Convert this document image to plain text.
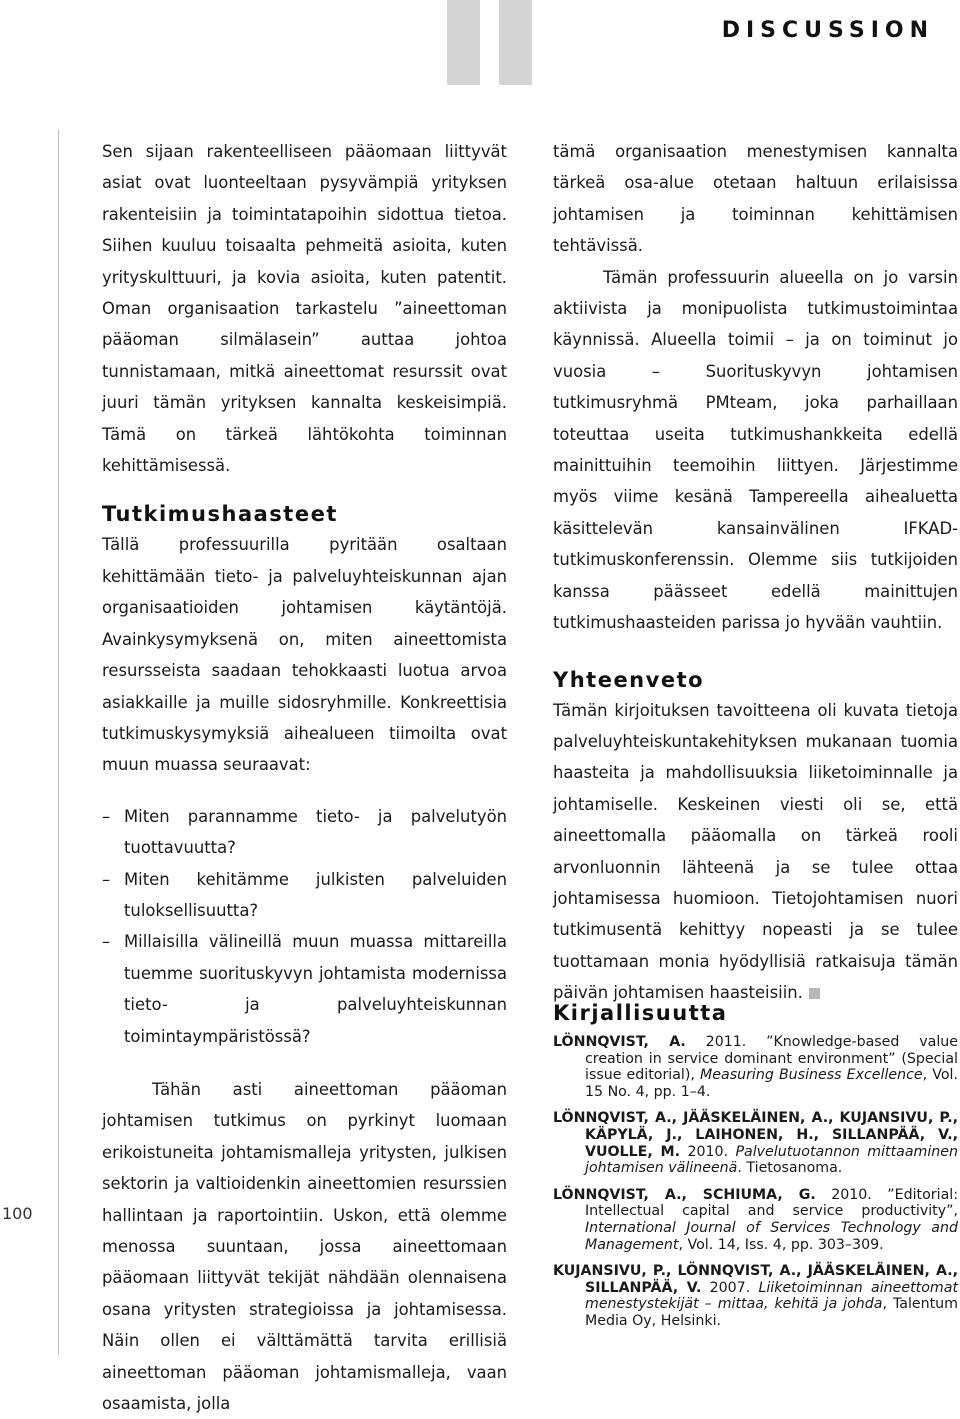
DISCUSSION
100

Sen sijaan rakenteelliseen pääomaan liittyvät asiat ovat luonteeltaan pysyvämpiä yrityksen rakenteisiin ja toimintatapoihin sidottua tietoa. Siihen kuuluu toisaalta pehmeitä asioita, kuten yrityskulttuuri, ja kovia asioita, kuten patentit. Oman organisaation tarkastelu ”aineettoman pääoman silmälasein” auttaa johtoa tunnistamaan, mitkä aineettomat resurssit ovat juuri tämän yrityksen kannalta keskeisimpiä. Tämä on tärkeä lähtökohta toiminnan kehittämisessä.

Tutkimushaasteet

Tällä professuurilla pyritään osaltaan kehittämään tieto- ja palveluyhteiskunnan ajan organisaatioiden johtamisen käytäntöjä. Avainkysymyksenä on, miten aineettomista resursseista saadaan tehokkaasti luotua arvoa asiakkaille ja muille sidosryhmille. Konkreettisia tutkimuskysymyksiä aihealueen tiimoilta ovat muun muassa seuraavat:

– Miten parannamme tieto- ja palvelutyön tuottavuutta?
– Miten kehitämme julkisten palveluiden tuloksellisuutta?
– Millaisilla välineillä muun muassa mittareilla tuemme suorituskyvyn johtamista modernissa tieto- ja palveluyhteiskunnan toimintaympäristössä?

Tähän asti aineettoman pääoman johtamisen tutkimus on pyrkinyt luomaan erikoistuneita johtamismalleja yritysten, julkisen sektorin ja valtioidenkin aineettomien resurssien hallintaan ja raportointiin. Uskon, että olemme menossa suuntaan, jossa aineettomaan pääomaan liittyvät tekijät nähdään olennaisena osana yritysten strategioissa ja johtamisessa. Näin ollen ei välttämättä tarvita erillisiä aineettoman pääoman johtamismalleja, vaan osaamista, jolla

tämä organisaation menestymisen kannalta tärkeä osa-alue otetaan haltuun erilaisissa johtamisen ja toiminnan kehittämisen tehtävissä.

Tämän professuurin alueella on jo varsin aktiivista ja monipuolista tutkimustoimintaa käynnissä. Alueella toimii – ja on toiminut jo vuosia – Suorituskyvyn johtamisen tutkimusryhmä PMteam, joka parhaillaan toteuttaa useita tutkimushankkeita edellä mainittuihin teemoihin liittyen. Järjestimme myös viime kesänä Tampereella aihealuetta käsittelevän kansainvälinen IFKAD-tutkimuskonferenssin. Olemme siis tutkijoiden kanssa päässeet edellä mainittujen tutkimushaasteiden parissa jo hyvään vauhtiin.

Yhteenveto

Tämän kirjoituksen tavoitteena oli kuvata tietoja palveluyhteiskuntakehityksen mukanaan tuomia haasteita ja mahdollisuuksia liiketoiminnalle ja johtamiselle. Keskeinen viesti oli se, että aineettomalla pääomalla on tärkeä rooli arvonluonnin lähteenä ja se tulee ottaa johtamisessa huomioon. Tietojohtamisen nuori tutkimusentä kehittyy nopeasti ja se tulee tuottamaan monia hyödyllisiä ratkaisuja tämän päivän johtamisen haasteisiin.

Kirjallisuutta

LÖNNQVIST, A. 2011. ”Knowledge-based value creation in service dominant environment” (Special issue editorial), Measuring Business Excellence, Vol. 15 No. 4, pp. 1–4.

LÖNNQVIST, A., JÄÄSKELÄINEN, A., KUJANSIVU, P., KÄPYLÄ, J., LAIHONEN, H., SILLANPÄÄ, V., VUOLLE, M. 2010. Palvelutuotannon mittaaminen johtamisen välineenä. Tietosanoma.

LÖNNQVIST, A., SCHIUMA, G. 2010. ”Editorial: Intellectual capital and service productivity”, International Journal of Services Technology and Management, Vol. 14, Iss. 4, pp. 303–309.

KUJANSIVU, P., LÖNNQVIST, A., JÄÄSKELÄINEN, A., SILLANPÄÄ, V. 2007. Liiketoiminnan aineettomat menestystekijät – mittaa, kehitä ja johda, Talentum Media Oy, Helsinki.
